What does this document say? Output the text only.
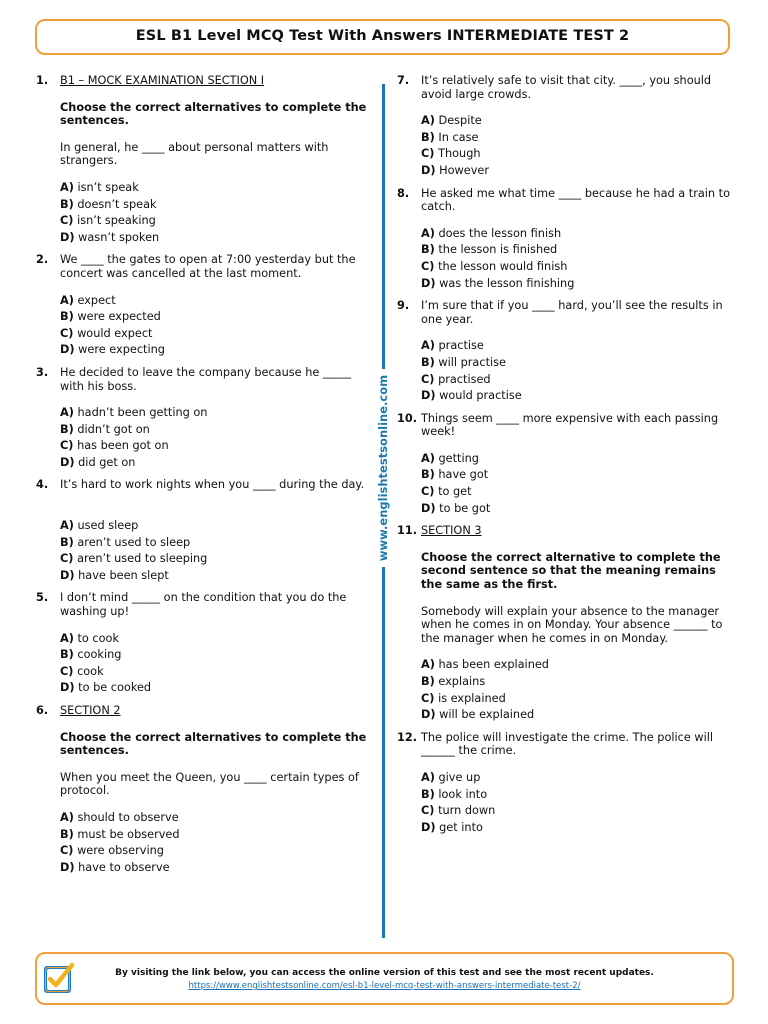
ESL B1 Level MCQ Test With Answers INTERMEDIATE TEST 2
1.	B1 – MOCK EXAMINATION SECTION I
Choose the correct alternatives to complete the sentences.
In general, he ____ about personal matters with strangers.
A) isn’t speak
B) doesn’t speak
C) isn’t speaking
D) wasn’t spoken
2.	We ____ the gates to open at 7:00 yesterday but the concert was cancelled at the last moment.
A) expect
B) were expected
C) would expect
D) were expecting
3.	He decided to leave the company because he _____ with his boss.
A) hadn’t been getting on
B) didn’t got on
C) has been got on
D) did get on
4.	It’s hard to work nights when you ____ during the day.
A) used sleep
B) aren’t used to sleep
C) aren’t used to sleeping
D) have been slept
5.	I don’t mind _____ on the condition that you do the washing up!
A) to cook
B) cooking
C) cook
D) to be cooked
6.	SECTION 2
Choose the correct alternatives to complete the sentences.
When you meet the Queen, you ____ certain types of protocol.
A) should to observe
B) must be observed
C) were observing
D) have to observe
www.englishtestsonline.com
7.	It’s relatively safe to visit that city. ____, you should avoid large crowds.
A) Despite
B) In case
C) Though
D) However
8.	He asked me what time ____ because he had a train to catch.
A) does the lesson finish
B) the lesson is finished
C) the lesson would finish
D) was the lesson finishing
9.	I’m sure that if you ____ hard, you’ll see the results in one year.
A) practise
B) will practise
C) practised
D) would practise
10. Things seem ____ more expensive with each passing week!
A) getting
B) have got
C) to get
D) to be got
11. SECTION 3
Choose the correct alternative to complete the second sentence so that the meaning remains the same as the first.
Somebody will explain your absence to the manager when he comes in on Monday. Your absence ______ to the manager when he comes in on Monday.
A) has been explained
B) explains
C) is explained
D) will be explained
12. The police will investigate the crime. The police will ______ the crime.
A) give up
B) look into
C) turn down
D) get into
By visiting the link below, you can access the online version of this test and see the most recent updates.
https://www.englishtestsonline.com/esl-b1-level-mcq-test-with-answers-intermediate-test-2/
